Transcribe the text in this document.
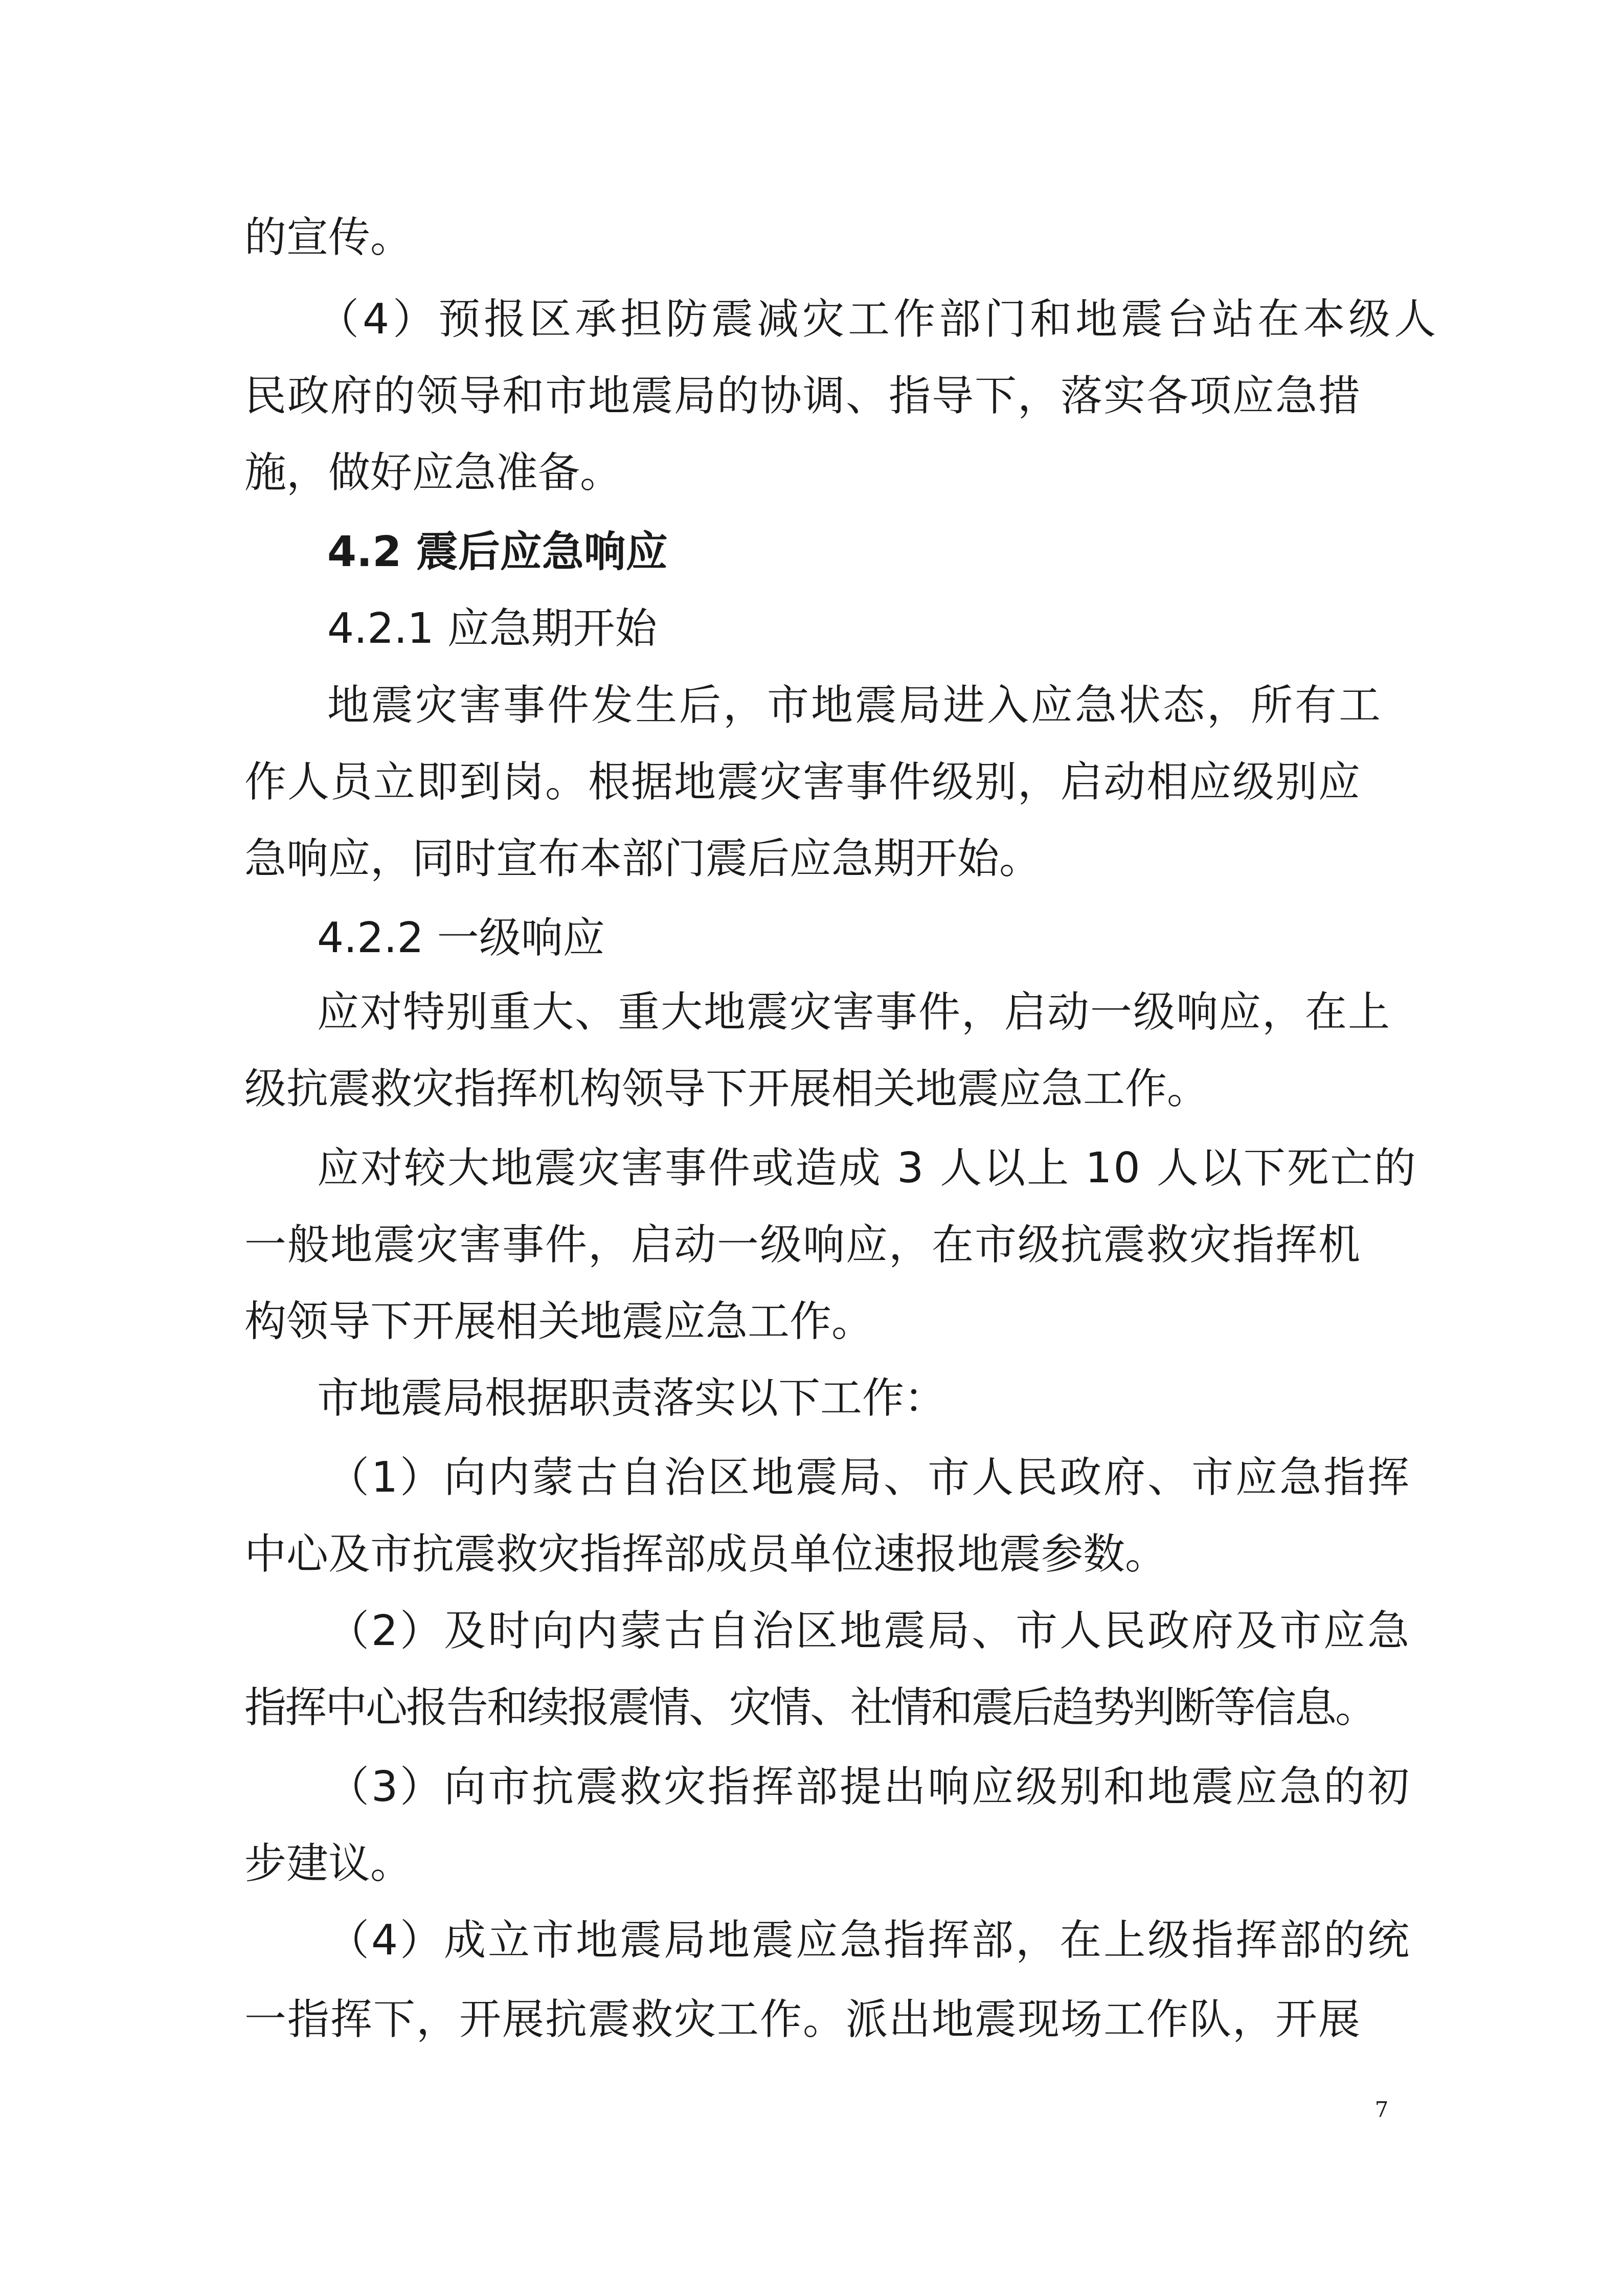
的宣传。
（4）预报区承担防震减灾工作部门和地震台站在本级人
民政府的领导和市地震局的协调、指导下，落实各项应急措
施，做好应急准备。
4.2 震后应急响应
4.2.1 应急期开始
地震灾害事件发生后，市地震局进入应急状态，所有工
作人员立即到岗。根据地震灾害事件级别，启动相应级别应
急响应，同时宣布本部门震后应急期开始。
4.2.2 一级响应
应对特别重大、重大地震灾害事件，启动一级响应，在上
级抗震救灾指挥机构领导下开展相关地震应急工作。
应对较大地震灾害事件或造成 3 人以上 10 人以下死亡的
一般地震灾害事件，启动一级响应，在市级抗震救灾指挥机
构领导下开展相关地震应急工作。
市地震局根据职责落实以下工作：
（1）向内蒙古自治区地震局、市人民政府、市应急指挥
中心及市抗震救灾指挥部成员单位速报地震参数。
（2）及时向内蒙古自治区地震局、市人民政府及市应急
指挥中心报告和续报震情、灾情、社情和震后趋势判断等信息。
（3）向市抗震救灾指挥部提出响应级别和地震应急的初
步建议。
（4）成立市地震局地震应急指挥部，在上级指挥部的统
一指挥下，开展抗震救灾工作。派出地震现场工作队，开展
7
